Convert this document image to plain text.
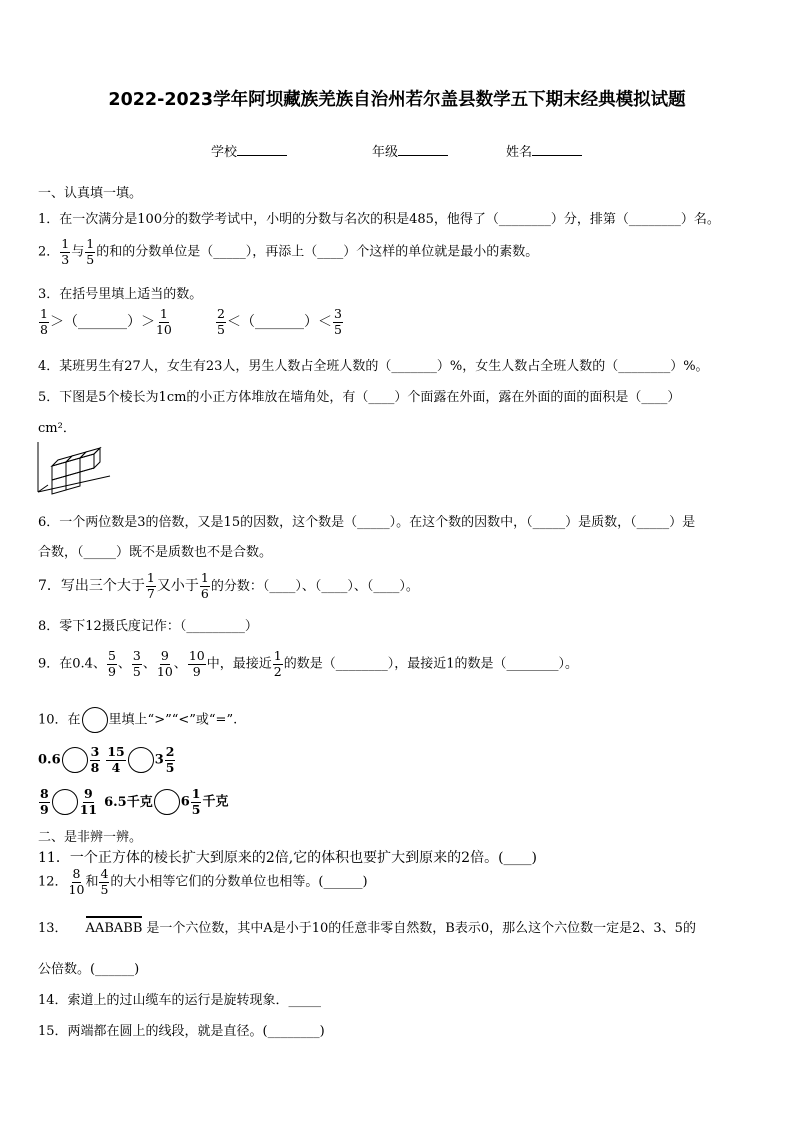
2022-2023学年阿坝藏族羌族自治州若尔盖县数学五下期末经典模拟试题
学校	年级	姓名
一、认真填一填。
1．在一次满分是100分的数学考试中，小明的分数与名次的积是485，他得了（________）分，排第（________）名。
2． $\frac{1}{3}$ 与 $\frac{1}{5}$ 的和的分数单位是（_____），再添上（____）个这样的单位就是最小的素数。
3．在括号里填上适当的数。
$\frac{1}{8}$ ＞（_______）＞ $\frac{1}{10}$	$\frac{2}{5}$ ＜（_______）＜ $\frac{3}{5}$
4．某班男生有27人，女生有23人，男生人数占全班人数的（_______）%，女生人数占全班人数的（________）%。
5．下图是5个棱长为1cm的小正方体堆放在墙角处，有（____）个面露在外面，露在外面的面的面积是（____）
cm²．
6．一个两位数是3的倍数，又是15的因数，这个数是（_____）。在这个数的因数中，（_____）是质数，（_____）是
合数，（_____）既不是质数也不是合数。
7．写出三个大于 $\frac{1}{7}$ 又小于 $\frac{1}{6}$ 的分数：（____）、（____）、（____）。
8．零下12摄氏度记作：（_________）
9．在0.4、 $\frac{5}{9}$ 、 $\frac{3}{5}$ 、 $\frac{9}{10}$ 、 $\frac{10}{9}$ 中，最接近 $\frac{1}{2}$ 的数是（________），最接近1的数是（________）。
10．在 里填上“>”“<”或“=”.
$0.6 \frac{3}{8} \frac{15}{4} 3 \frac{2}{5}$
$\frac{8}{9} \frac{9}{11} 6.5$千克 $6 \frac{1}{5}$ 千克
二、是非辨一辨。
11．一个正方体的棱长扩大到原来的2倍,它的体积也要扩大到原来的2倍。(____)
12． $\frac{8}{10}$ 和 $\frac{4}{5}$ 的大小相等它们的分数单位也相等。(______)
13． AABABB 是一个六位数，其中A是小于10的任意非零自然数，B表示0，那么这个六位数一定是2、3、5的
公倍数。(______)
14．索道上的过山缆车的运行是旋转现象．_____
15．两端都在圆上的线段，就是直径。(________)
